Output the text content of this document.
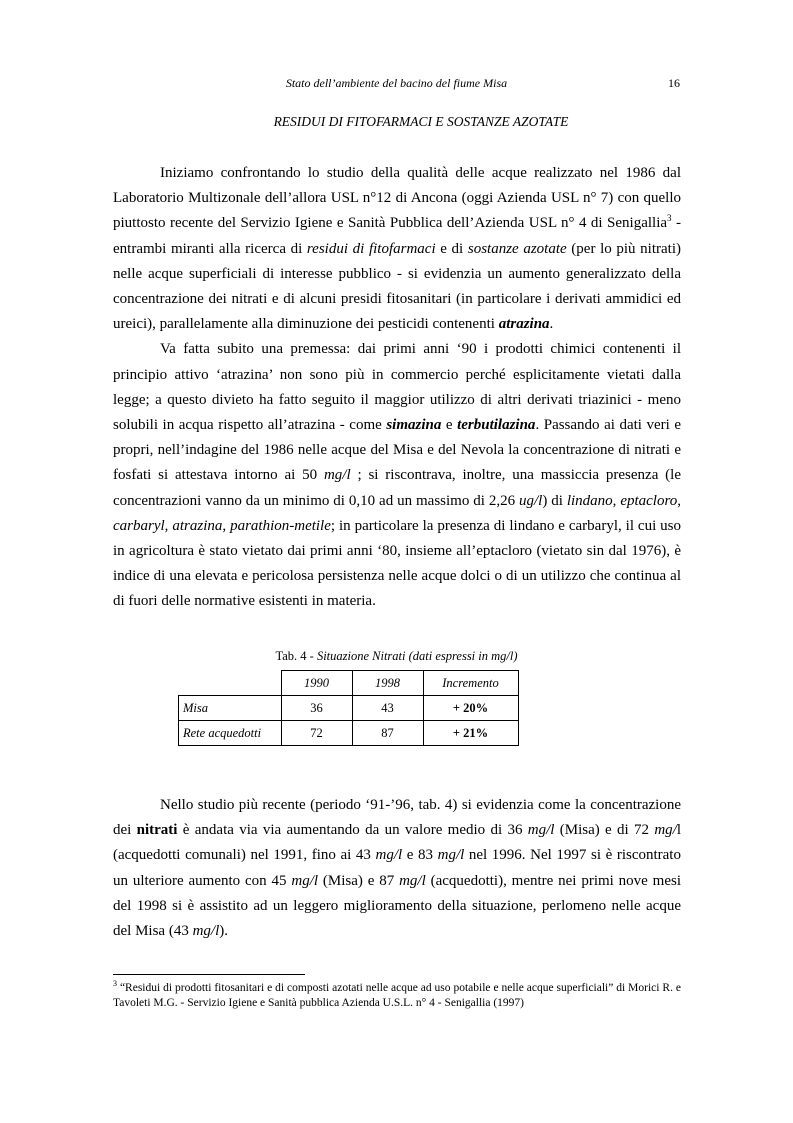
Stato dell’ambiente del bacino del fiume Misa	16
RESIDUI DI FITOFARMACI E SOSTANZE AZOTATE

Iniziamo confrontando lo studio della qualità delle acque realizzato nel 1986 dal Laboratorio Multizonale dell’allora USL n°12 di Ancona (oggi Azienda USL n° 7) con quello piuttosto recente del Servizio Igiene e Sanità Pubblica dell’Azienda USL n° 4 di Senigallia$^3$ - entrambi miranti alla ricerca di residui di fitofarmaci e di sostanze azotate (per lo più nitrati) nelle acque superficiali di interesse pubblico - si evidenzia un aumento generalizzato della concentrazione dei nitrati e di alcuni presidi fitosanitari (in particolare i derivati ammidici ed ureici), parallelamente alla diminuzione dei pesticidi contenenti atrazina.

Va fatta subito una premessa: dai primi anni ‘90 i prodotti chimici contenenti il principio attivo ‘atrazina’ non sono più in commercio perché esplicitamente vietati dalla legge; a questo divieto ha fatto seguito il maggior utilizzo di altri derivati triazinici - meno solubili in acqua rispetto all’atrazina - come simazina e terbutilazina. Passando ai dati veri e propri, nell’indagine del 1986 nelle acque del Misa e del Nevola la concentrazione di nitrati e fosfati si attestava intorno ai 50 mg/l ; si riscontrava, inoltre, una massiccia presenza (le concentrazioni vanno da un minimo di 0,10 ad un massimo di 2,26 ug/l) di lindano, eptacloro, carbaryl, atrazina, parathion-metile; in particolare la presenza di lindano e carbaryl, il cui uso in agricoltura è stato vietato dai primi anni ‘80, insieme all’eptacloro (vietato sin dal 1976), è indice di una elevata e pericolosa persistenza nelle acque dolci o di un utilizzo che continua al di fuori delle normative esistenti in materia.

Tab. 4 - Situazione Nitrati (dati espressi in mg/l)
	1990	1998	Incremento
Misa	36	43	+ 20%
Rete acquedotti	72	87	+ 21%

Nello studio più recente (periodo ‘91-’96, tab. 4) si evidenzia come la concentrazione dei nitrati è andata via via aumentando da un valore medio di 36 mg/l (Misa) e di 72 mg/l (acquedotti comunali) nel 1991, fino ai 43 mg/l e 83 mg/l nel 1996. Nel 1997 si è riscontrato un ulteriore aumento con 45 mg/l (Misa) e 87 mg/l (acquedotti), mentre nei primi nove mesi del 1998 si è assistito ad un leggero miglioramento della situazione, perlomeno nelle acque del Misa (43 mg/l).

$^3$ “Residui di prodotti fitosanitari e di composti azotati nelle acque ad uso potabile e nelle acque superficiali” di Morici R. e Tavoleti M.G. - Servizio Igiene e Sanità pubblica Azienda U.S.L. n° 4 - Senigallia (1997)
